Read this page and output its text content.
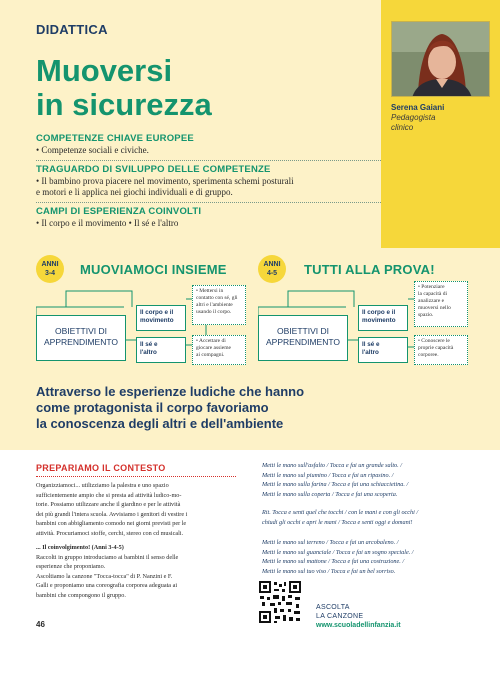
DIDATTICA
Muoversi
in sicurezza	Serena Gaiani
Pedagogista
clinico
COMPETENZE CHIAVE EUROPEE
• Competenze sociali e civiche.
TRAGUARDO DI SVILUPPO DELLE COMPETENZE
• Il bambino prova piacere nel movimento, sperimenta schemi posturali
e motori e li applica nei giochi individuali e di gruppo.
CAMPI DI ESPERIENZA COINVOLTI
• Il corpo e il movimento • Il sé e l'altro
ANNI
3-4	MUOVIAMOCI INSIEME
OBIETTIVI DI
APPRENDIMENTO
Il corpo e il
movimento
Il sé e
l'altro
• Mettersi in
contatto con sé, gli
altri e l'ambiente
usando il corpo.
• Accettare di
giocare assieme
ai compagni.
ANNI
4-5	TUTTI ALLA PROVA!
OBIETTIVI DI
APPRENDIMENTO
Il corpo e il
movimento
Il sé e
l'altro
• Potenziare
la capacità di
analizzare e
muoversi nello
spazio.
• Conoscere le
proprie capacità
corporee.
Attraverso le esperienze ludiche che hanno
come protagonista il corpo favoriamo
la conoscenza degli altri e dell'ambiente
PREPARIAMO IL CONTESTO
Organizziamoci... utilizziamo la palestra e uno spazio
sufficientemente ampio che si presta ad attività ludico-mo-
torie. Possiamo utilizzare anche il giardino e per le attività
dei più grandi l'intera scuola. Avvisiamo i genitori di vestire i
bambini con abbigliamento comodo nei giorni previsti per le
attività. Procuriamoci stoffe, cerchi, stereo con cd musicali.
... Il coinvolgimento! (Anni 3-4-5)
Raccolti in gruppo introduciamo ai bambini il senso delle
esperienze che proponiamo.
Ascoltiamo la canzone "Tocca-tocca" di P. Nanzini e F.
Galli e proponiamo una coreografia corporea adeguata ai
bambini che compongono il gruppo.
Metti le mano sull'asfalto / Tocca e fai un grande salto. /
Metti le mano sul piumino / Tocca e fai un ripasino. /
Metti le mano sulla farina / Tocca e fai una schiaccietina. /
Metti le mano sulla coperta / Tocca e fai una scoperta.
Rit. Tocca e senti quel che tocchi / con le mani e con gli occhi /
chiudi gli occhi e apri le mani / Tocca e senti oggi e domani!
Metti le mano sul terreno / Tocca e fai un arcobaleno. /
Metti le mano sul guanciale / Tocca e fai un sogno speciale. /
Metti le mano sul mattone / Tocca e fai una costruzione. /
Metti le mano sul tuo viso / Tocca e fai un bel sorriso.
ASCOLTA
LA CANZONE
www.scuoladellinfanzia.it
46
